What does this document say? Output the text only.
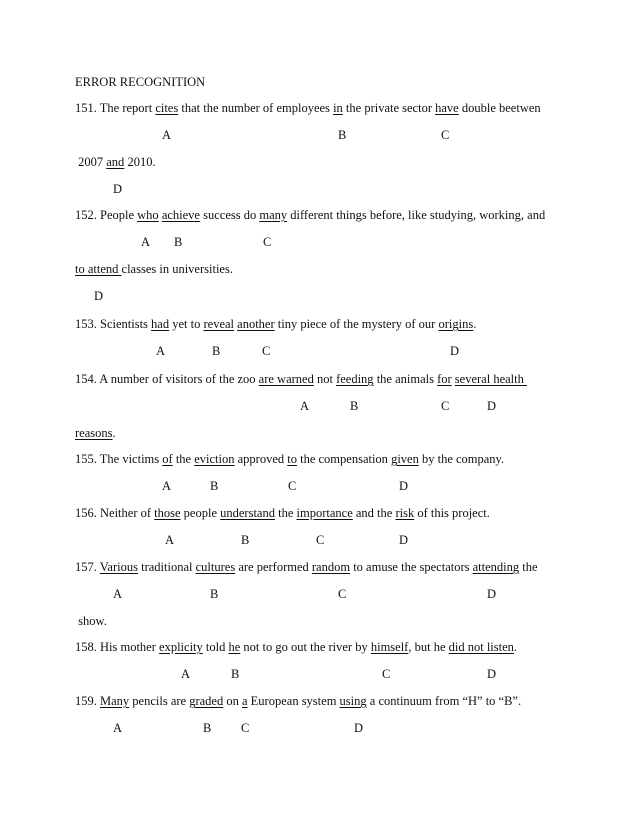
ERROR RECOGNITION
151. The report cites that the number of employees in the private sector have double beetwen
2007 and 2010.
A	B	C
D
152. People who achieve success do many different things before, like studying, working, and
to attend classes in universities.
A B	C
D
153. Scientists had yet to reveal another tiny piece of the mystery of our origins.
A	B	C	D
154. A number of visitors of the zoo are warned not feeding the animals for several health
reasons.
A	B	C	D
155. The victims of the eviction approved to the compensation given by the company.
A	B	C	D
156. Neither of those people understand the importance and the risk of this project.
A	B	C	D
157. Various traditional cultures are performed random to amuse the spectators attending the
show.
A	B	C	D
158. His mother explicity told he not to go out the river by himself, but he did not listen.
A	B	C	D
159. Many pencils are graded on a European system using a continuum from “H” to “B”.
A	B C	D
